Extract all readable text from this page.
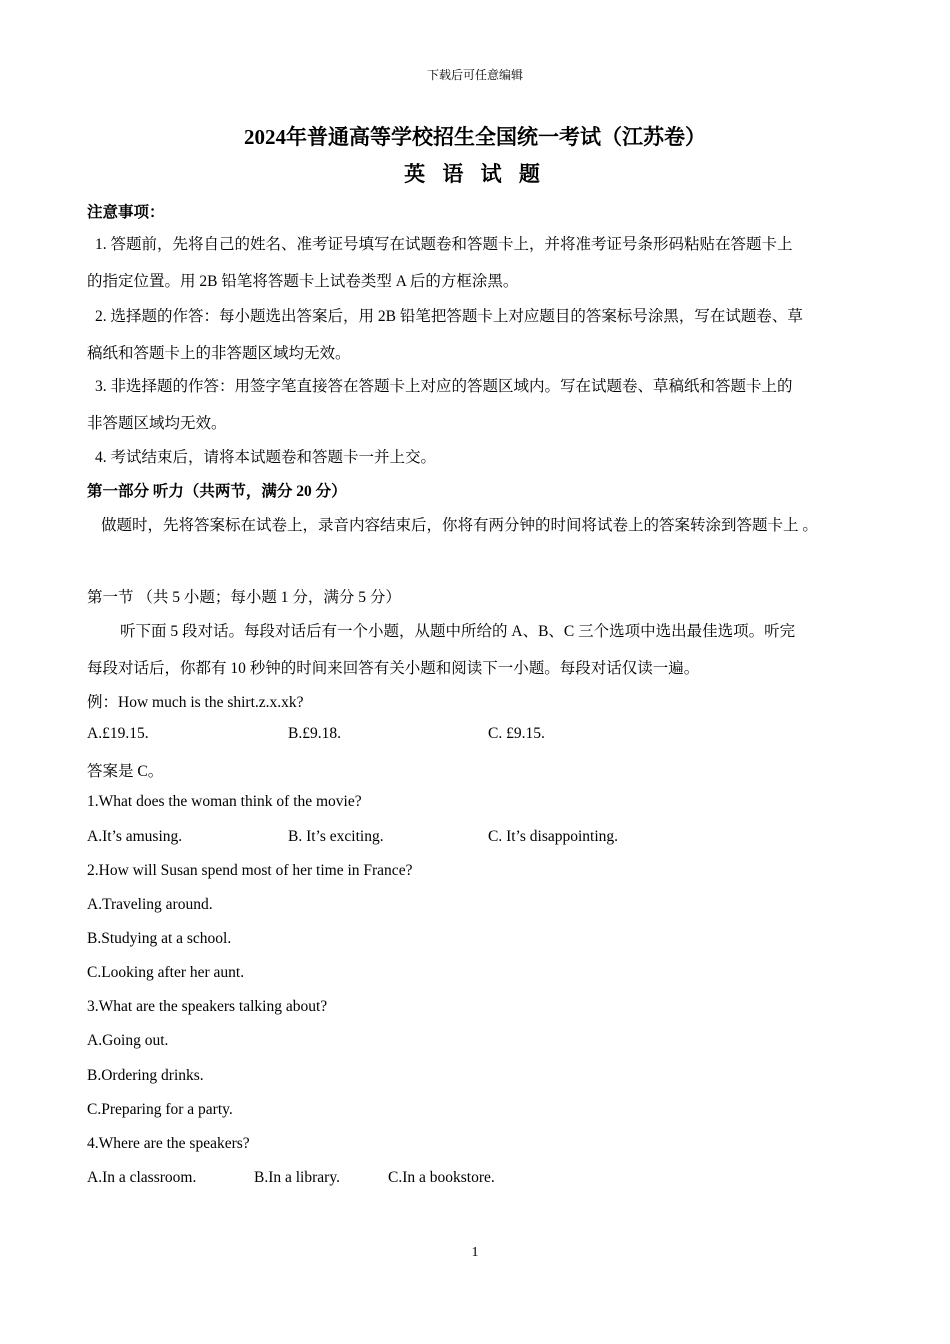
下载后可任意编辑
2024年普通高等学校招生全国统一考试（江苏卷）
英 语 试 题
注意事项：
1. 答题前，先将自己的姓名、准考证号填写在试题卷和答题卡上，并将准考证号条形码粘贴在答题卡上
的指定位置。用 2B 铅笔将答题卡上试卷类型 A 后的方框涂黑。
2. 选择题的作答：每小题选出答案后，用 2B 铅笔把答题卡上对应题目的答案标号涂黑，写在试题卷、草
稿纸和答题卡上的非答题区域均无效。
3. 非选择题的作答：用签字笔直接答在答题卡上对应的答题区域内。写在试题卷、草稿纸和答题卡上的
非答题区域均无效。
4. 考试结束后，请将本试题卷和答题卡一并上交。
第一部分 听力（共两节，满分 20 分）
做题时，先将答案标在试卷上，录音内容结束后，你将有两分钟的时间将试卷上的答案转涂到答题卡上 。
第一节 （共 5 小题；每小题 1 分，满分 5 分）
听下面 5 段对话。每段对话后有一个小题，从题中所给的 A、B、C 三个选项中选出最佳选项。听完
每段对话后，你都有 10 秒钟的时间来回答有关小题和阅读下一小题。每段对话仅读一遍。
例：How much is the shirt.z.x.xk?
A.£19.15.	B.£9.18.	C. £9.15.
答案是 C。
1.What does the woman think of the movie?
A.It’s amusing.	B. It’s exciting.	C. It’s disappointing.
2.How will Susan spend most of her time in France?
A.Traveling around.
B.Studying at a school.
C.Looking after her aunt.
3.What are the speakers talking about?
A.Going out.
B.Ordering drinks.
C.Preparing for a party.
4.Where are the speakers?
A.In a classroom.	B.In a library.	C.In a bookstore.
1
